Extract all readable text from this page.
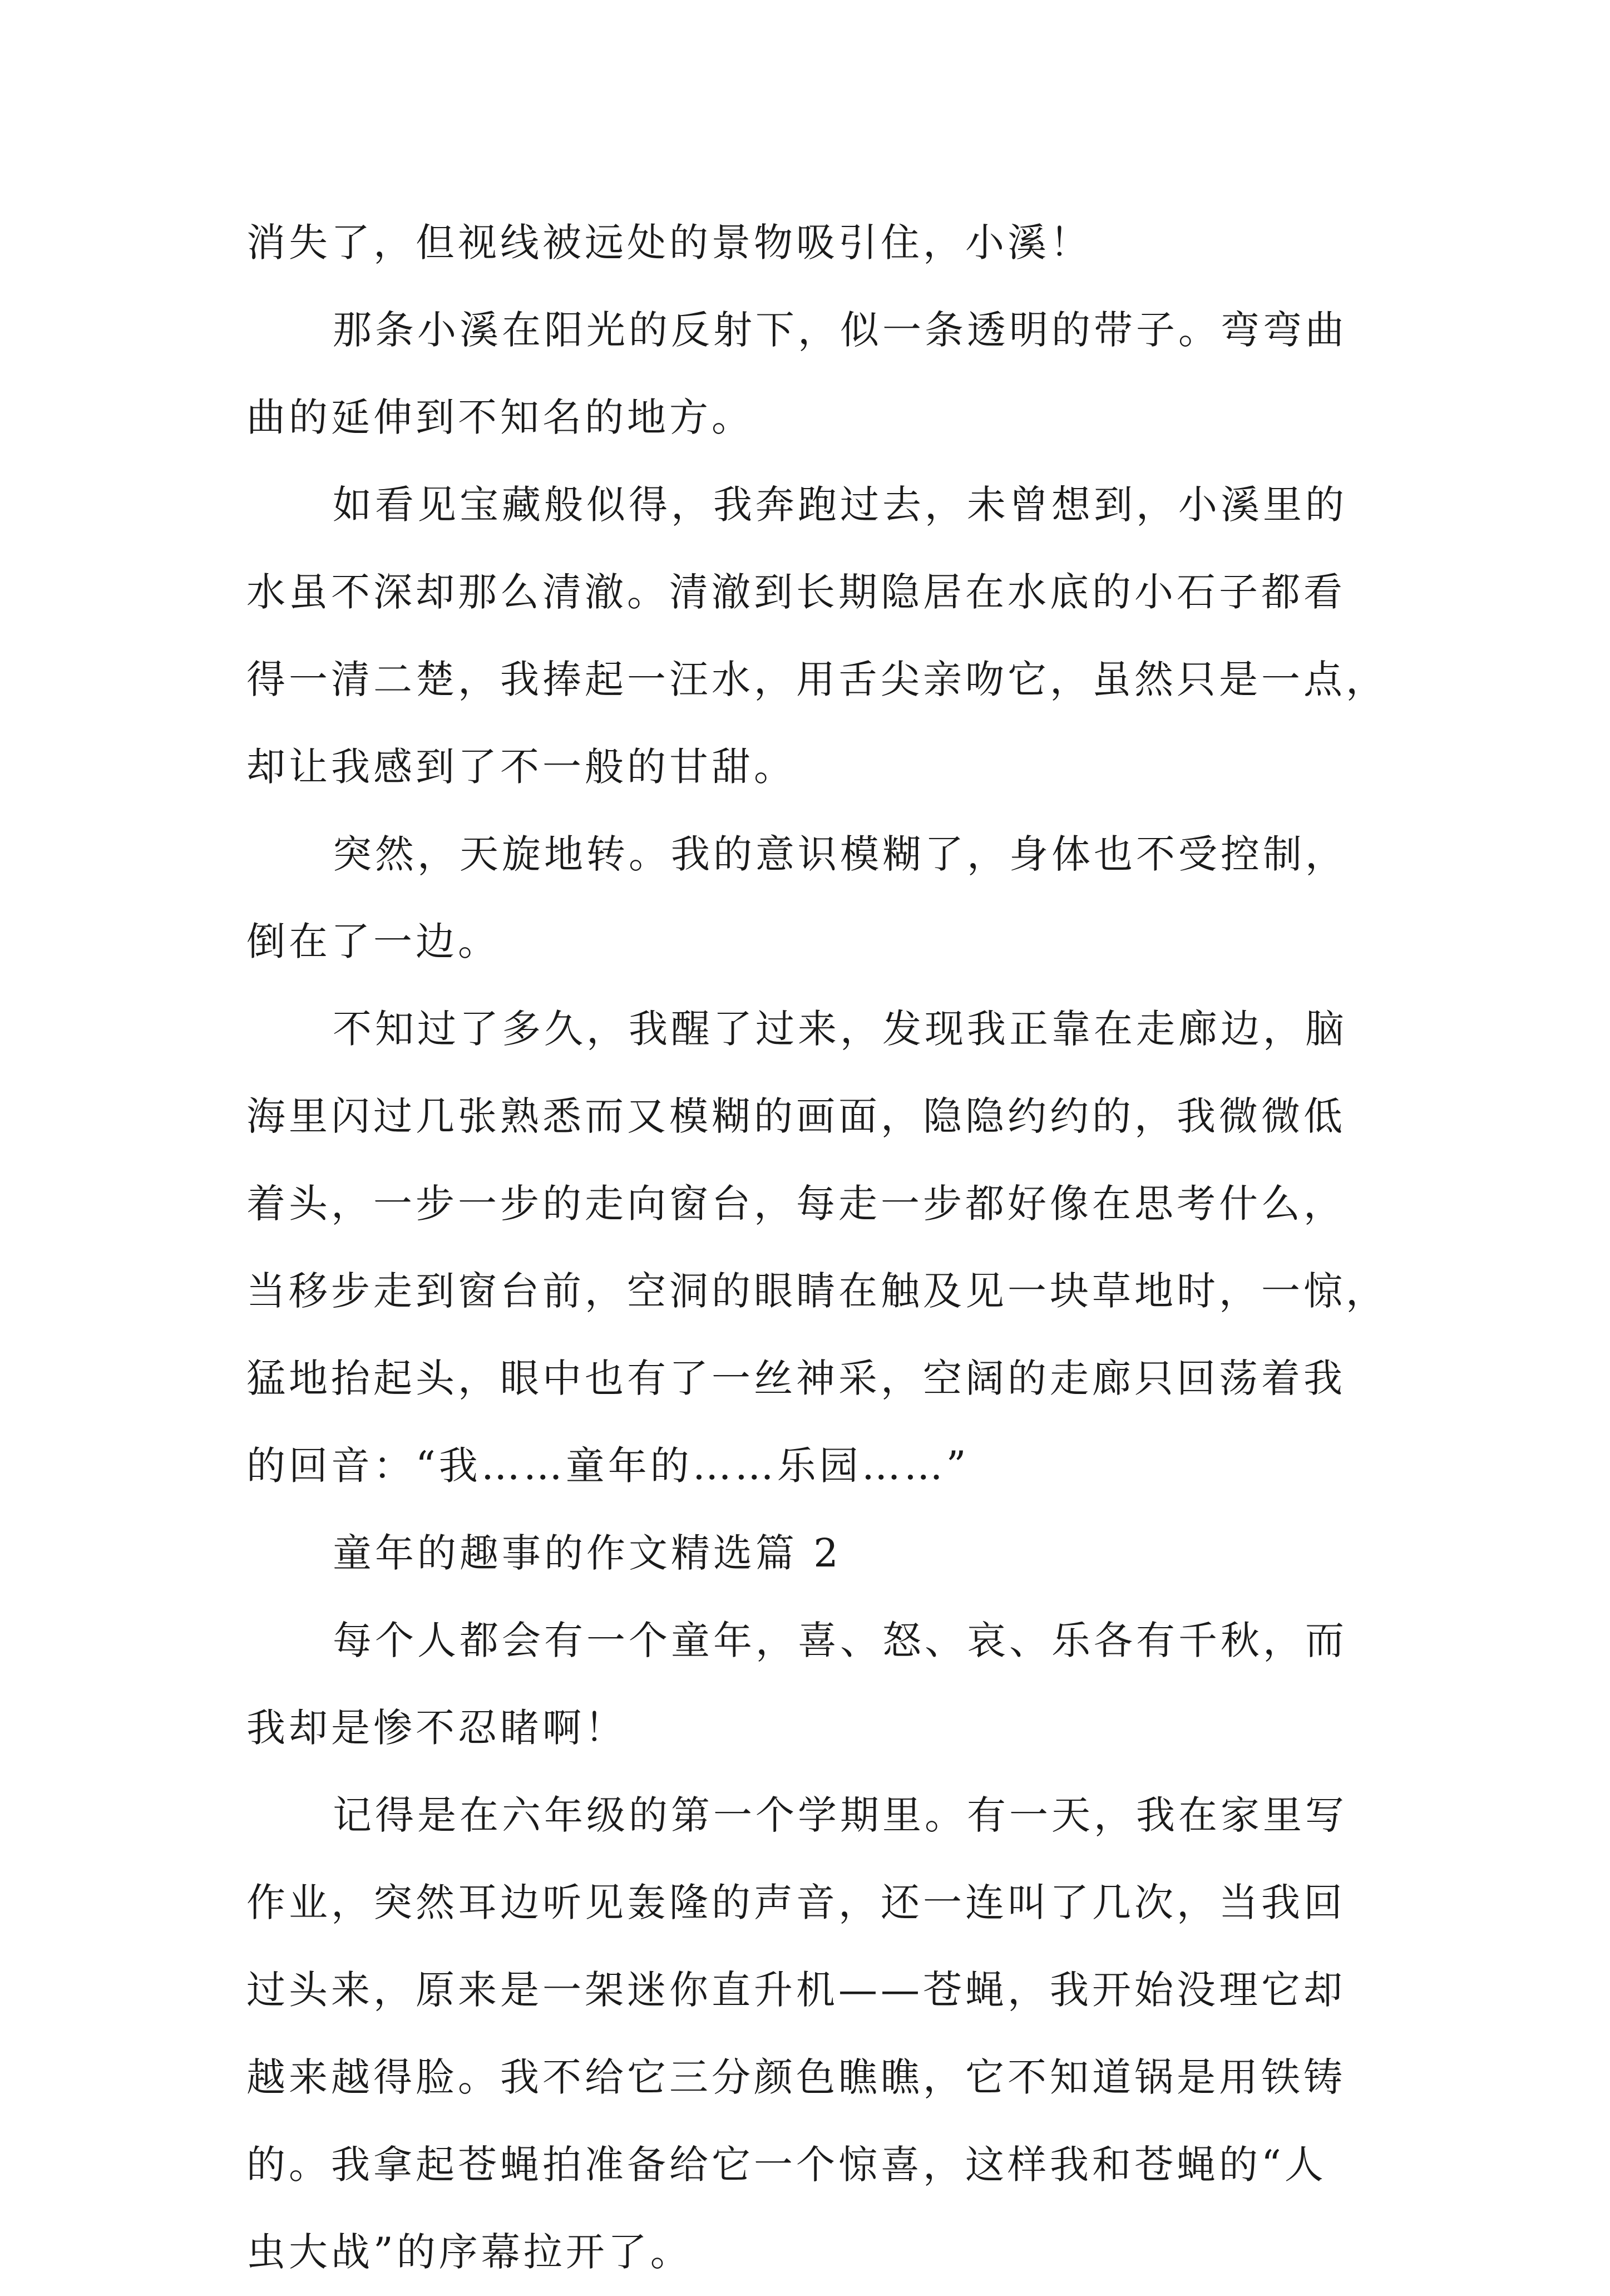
消失了，但视线被远处的景物吸引住，小溪！
那条小溪在阳光的反射下，似一条透明的带子。弯弯曲
曲的延伸到不知名的地方。
如看见宝藏般似得，我奔跑过去，未曾想到，小溪里的
水虽不深却那么清澈。清澈到长期隐居在水底的小石子都看
得一清二楚，我捧起一汪水，用舌尖亲吻它，虽然只是一点，
却让我感到了不一般的甘甜。
突然，天旋地转。我的意识模糊了，身体也不受控制，
倒在了一边。
不知过了多久，我醒了过来，发现我正靠在走廊边，脑
海里闪过几张熟悉而又模糊的画面，隐隐约约的，我微微低
着头，一步一步的走向窗台，每走一步都好像在思考什么，
当移步走到窗台前，空洞的眼睛在触及见一块草地时，一惊，
猛地抬起头，眼中也有了一丝神采，空阔的走廊只回荡着我
的回音：“我……童年的……乐园……”
童年的趣事的作文精选篇 2
每个人都会有一个童年，喜、怒、哀、乐各有千秋，而
我却是惨不忍睹啊！
记得是在六年级的第一个学期里。有一天，我在家里写
作业，突然耳边听见轰隆的声音，还一连叫了几次，当我回
过头来，原来是一架迷你直升机——苍蝇，我开始没理它却
越来越得脸。我不给它三分颜色瞧瞧，它不知道锅是用铁铸
的。我拿起苍蝇拍准备给它一个惊喜，这样我和苍蝇的“人
虫大战”的序幕拉开了。
